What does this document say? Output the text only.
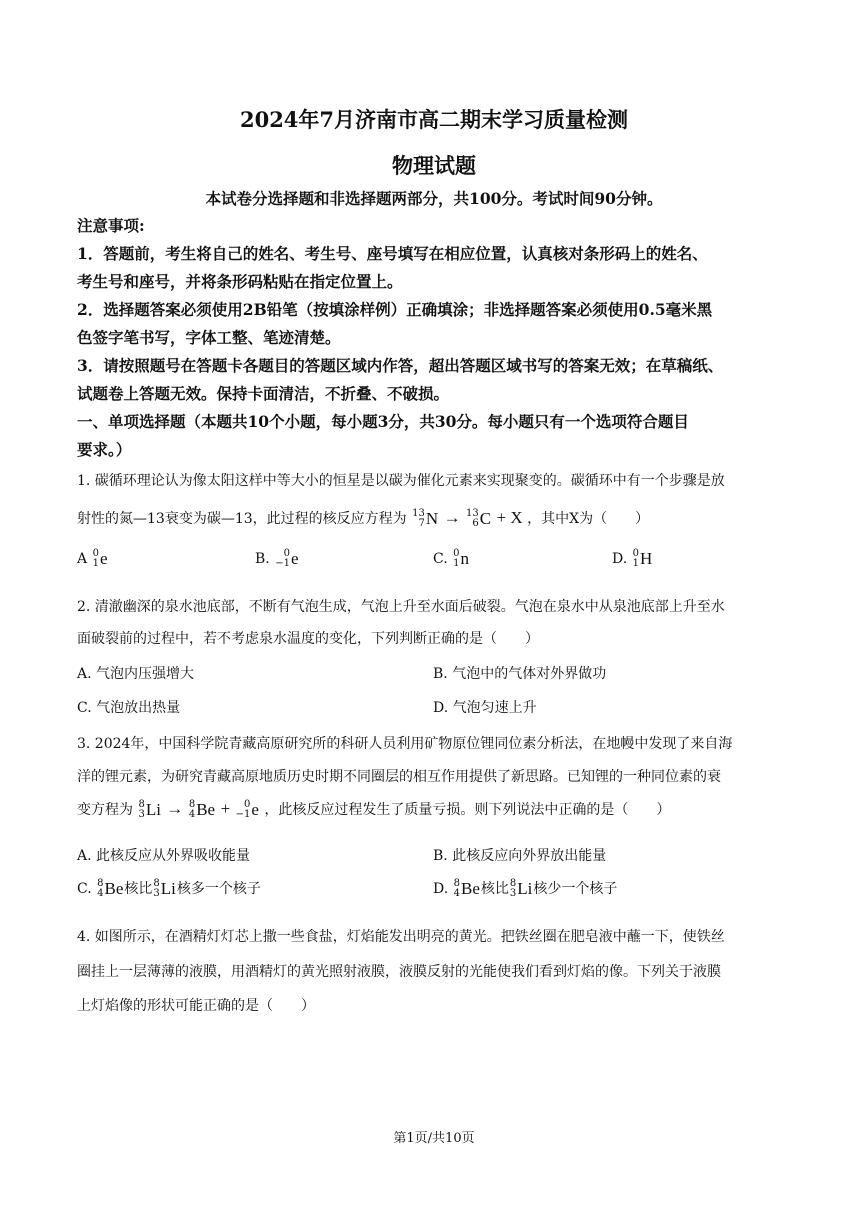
2024年7月济南市高二期末学习质量检测
物理试题
本试卷分选择题和非选择题两部分，共100分。考试时间90分钟。
注意事项:
1．答题前，考生将自己的姓名、考生号、座号填写在相应位置，认真核对条形码上的姓名、
考生号和座号，并将条形码粘贴在指定位置上。
2．选择题答案必须使用2B铅笔（按填涂样例）正确填涂；非选择题答案必须使用0.5毫米黑
色签字笔书写，字体工整、笔迹清楚。
3．请按照题号在答题卡各题目的答题区域内作答，超出答题区域书写的答案无效；在草稿纸、
试题卷上答题无效。保持卡面清洁，不折叠、不破损。
一、单项选择题（本题共10个小题，每小题3分，共30分。每小题只有一个选项符合题目
要求。）
1. 碳循环理论认为像太阳这样中等大小的恒星是以碳为催化元素来实现聚变的。碳循环中有一个步骤是放
射性的氮—13衰变为碳—13，此过程的核反应方程为 13
7 N → 13
6 C + X ，其中X为（　　）
A 0
1 e	B.	0
−1 e	C. 0
1 n	D. 0
1 H
2. 清澈幽深的泉水池底部，不断有气泡生成，气泡上升至水面后破裂。气泡在泉水中从泉池底部上升至水
面破裂前的过程中，若不考虑泉水温度的变化，下列判断正确的是（　　）
A. 气泡内压强增大	B. 气泡中的气体对外界做功
C. 气泡放出热量	D. 气泡匀速上升
3. 2024年，中国科学院青藏高原研究所的科研人员利用矿物原位锂同位素分析法，在地幔中发现了来自海
洋的锂元素，为研究青藏高原地质历史时期不同圈层的相互作用提供了新思路。已知锂的一种同位素的衰
变方程为 8
3 Li → 8
4 Be +	0
−1 e ，此核反应过程发生了质量亏损。则下列说法中正确的是（　　）
A. 此核反应从外界吸收能量	B. 此核反应向外界放出能量
C. 8
4 Be核比 8
3 Li核多一个核子	D. 8
4 Be核比 8
3 Li核少一个核子
4. 如图所示，在酒精灯灯芯上撒一些食盐，灯焰能发出明亮的黄光。把铁丝圈在肥皂液中蘸一下，使铁丝
圈挂上一层薄薄的液膜，用酒精灯的黄光照射液膜，液膜反射的光能使我们看到灯焰的像。下列关于液膜
上灯焰像的形状可能正确的是（　　）
第1页/共10页
